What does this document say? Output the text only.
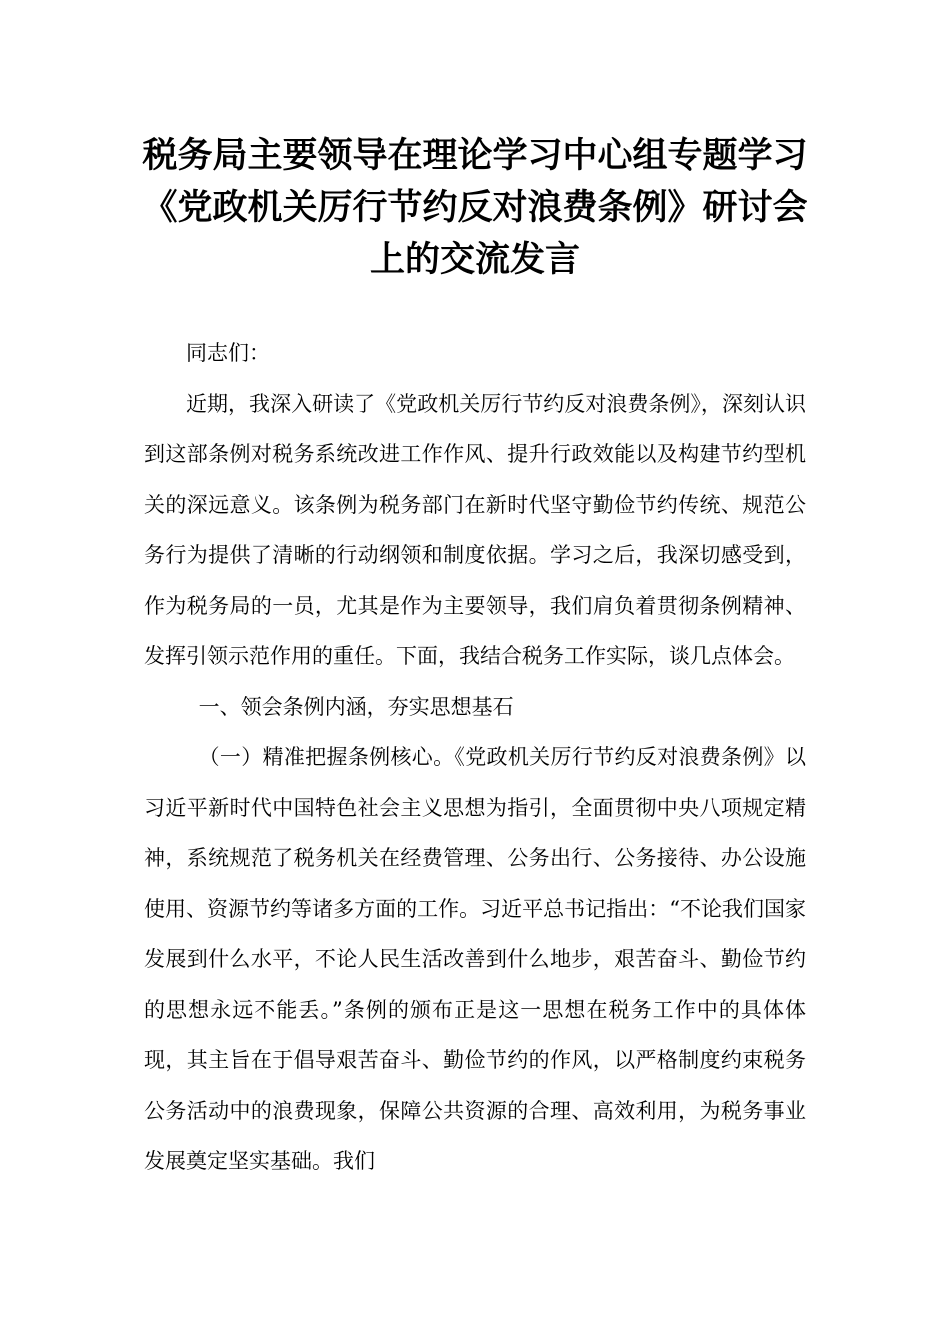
税务局主要领导在理论学习中心组专题学习《党政机关厉行节约反对浪费条例》研讨会上的交流发言

同志们：

近期，我深入研读了《党政机关厉行节约反对浪费条例》，深刻认识到这部条例对税务系统改进工作作风、提升行政效能以及构建节约型机关的深远意义。该条例为税务部门在新时代坚守勤俭节约传统、规范公务行为提供了清晰的行动纲领和制度依据。学习之后，我深切感受到，作为税务局的一员，尤其是作为主要领导，我们肩负着贯彻条例精神、发挥引领示范作用的重任。下面，我结合税务工作实际，谈几点体会。

一、领会条例内涵，夯实思想基石

（一）精准把握条例核心。《党政机关厉行节约反对浪费条例》以习近平新时代中国特色社会主义思想为指引，全面贯彻中央八项规定精神，系统规范了税务机关在经费管理、公务出行、公务接待、办公设施使用、资源节约等诸多方面的工作。习近平总书记指出：“不论我们国家发展到什么水平，不论人民生活改善到什么地步，艰苦奋斗、勤俭节约的思想永远不能丢。”条例的颁布正是这一思想在税务工作中的具体体现，其主旨在于倡导艰苦奋斗、勤俭节约的作风，以严格制度约束税务公务活动中的浪费现象，保障公共资源的合理、高效利用，为税务事业发展奠定坚实基础。我们
